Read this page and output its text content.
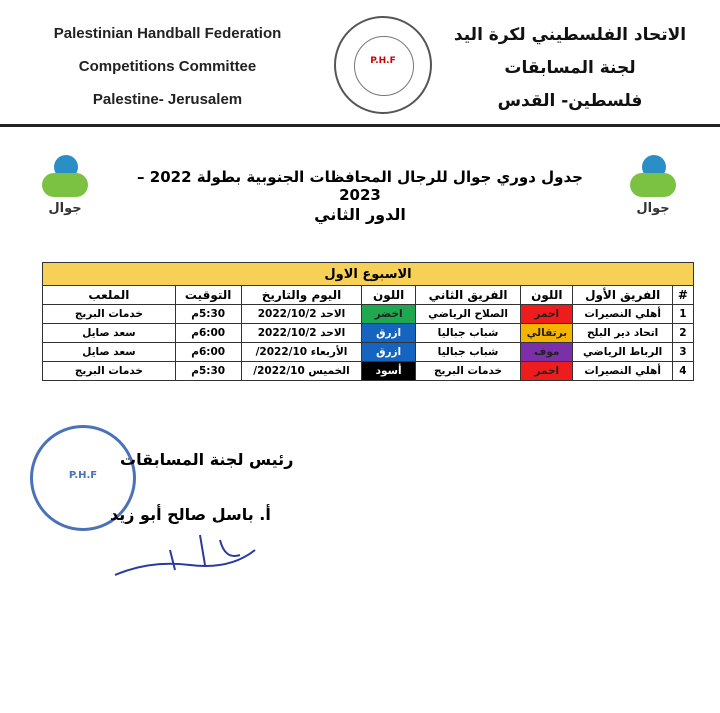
Palestinian Handball Federation
Competitions Committee
Palestine- Jerusalem
P.H.F
الاتحاد الفلسطيني لكرة اليد
لجنة المسابقات
فلسطين- القدس
جوال	جوال
جدول دوري جوال للرجال المحافظات الجنوبية بطولة 2022 – 2023
الدور الثاني
الاسبوع الاول							
#	الفريق الأول	اللون	الفريق الثاني	اللون	اليوم والتاريخ	التوقيت	الملعب
1	أهلي النصيرات	احمر	الصلاح الرياضي	اخضر	الاحد 2022/10/2	5:30م	خدمات البريج
2	اتحاد دير البلح	برتقالي	شباب جباليا	ازرق	الاحد 2022/10/2	6:00م	سعد صايل
3	الرباط الرياضي	موف	شباب جباليا	ازرق	الأربعاء 2022/10/	6:00م	سعد صايل
4	أهلي النصيرات	احمر	خدمات البريج	أسود	الخميس 2022/10/	5:30م	خدمات البريج
P.H.F
رئيس لجنة المسابقات
أ. باسل صالح أبو زيد
